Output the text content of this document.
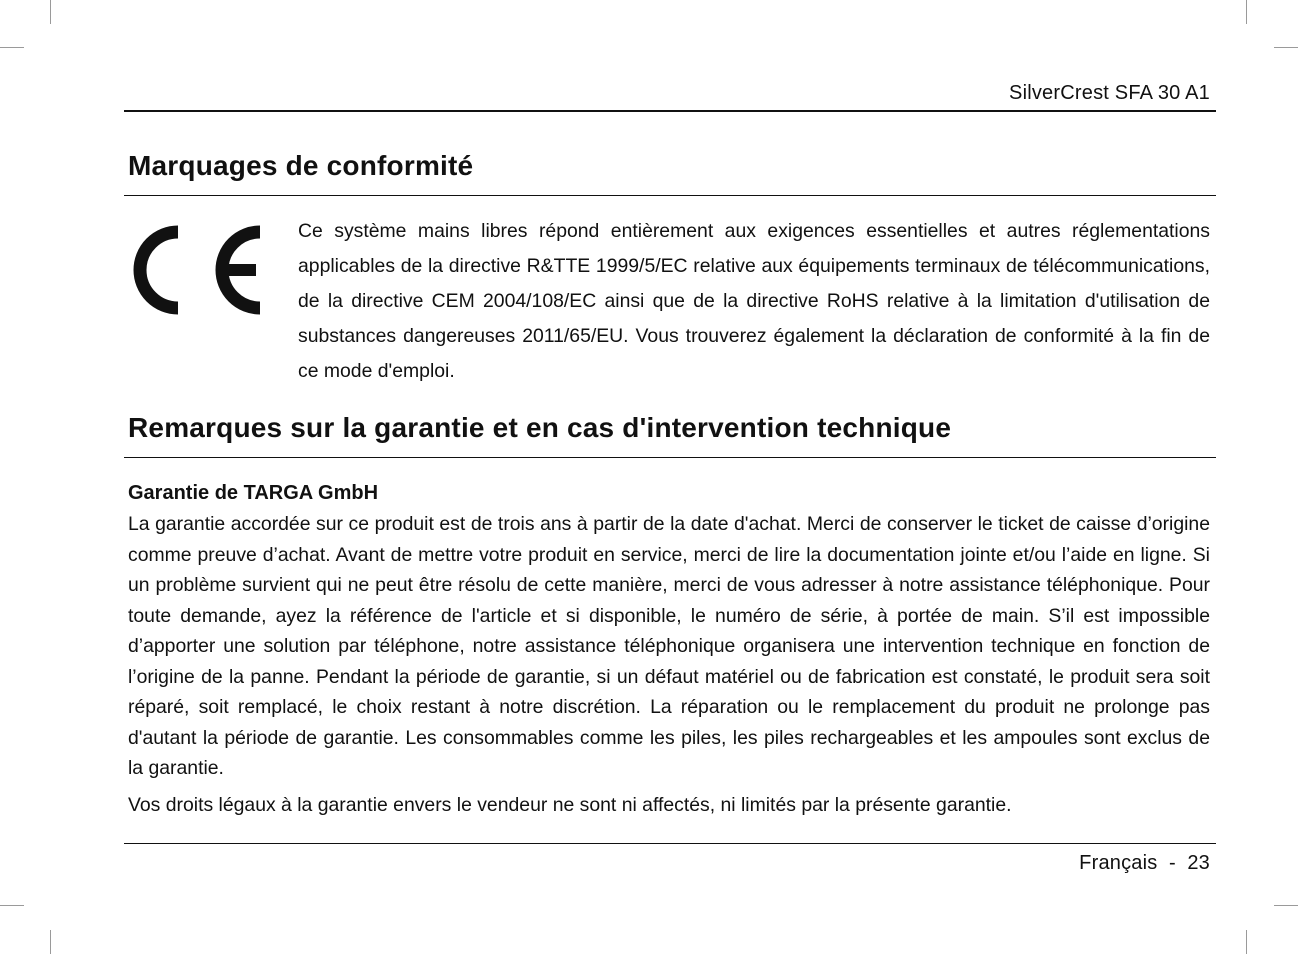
SilverCrest SFA 30 A1
Marquages de conformité
Ce système mains libres répond entièrement aux exigences essentielles et autres réglementations applicables de la directive R&TTE 1999/5/EC relative aux équipements terminaux de télécommunications, de la directive CEM 2004/108/EC ainsi que de la directive RoHS relative à la limitation d'utilisation de substances dangereuses 2011/65/EU. Vous trouverez également la déclaration de conformité à la fin de ce mode d'emploi.
Remarques sur la garantie et en cas d'intervention technique
Garantie de TARGA GmbH
La garantie accordée sur ce produit est de trois ans à partir de la date d'achat. Merci de conserver le ticket de caisse d’origine comme preuve d’achat. Avant de mettre votre produit en service, merci de lire la documentation jointe et/ou l’aide en ligne. Si un problème survient qui ne peut être résolu de cette manière, merci de vous adresser à notre assistance téléphonique. Pour toute demande, ayez la référence de l'article et si disponible, le numéro de série, à portée de main. S’il est impossible d’apporter une solution par téléphone, notre assistance téléphonique organisera une intervention technique en fonction de l’origine de la panne. Pendant la période de garantie, si un défaut matériel ou de fabrication est constaté, le produit sera soit réparé, soit remplacé, le choix restant à notre discrétion. La réparation ou le remplacement du produit ne prolonge pas d'autant la période de garantie. Les consommables comme les piles, les piles rechargeables et les ampoules sont exclus de la garantie.
Vos droits légaux à la garantie envers le vendeur ne sont ni affectés, ni limités par la présente garantie.
Français  -  23
